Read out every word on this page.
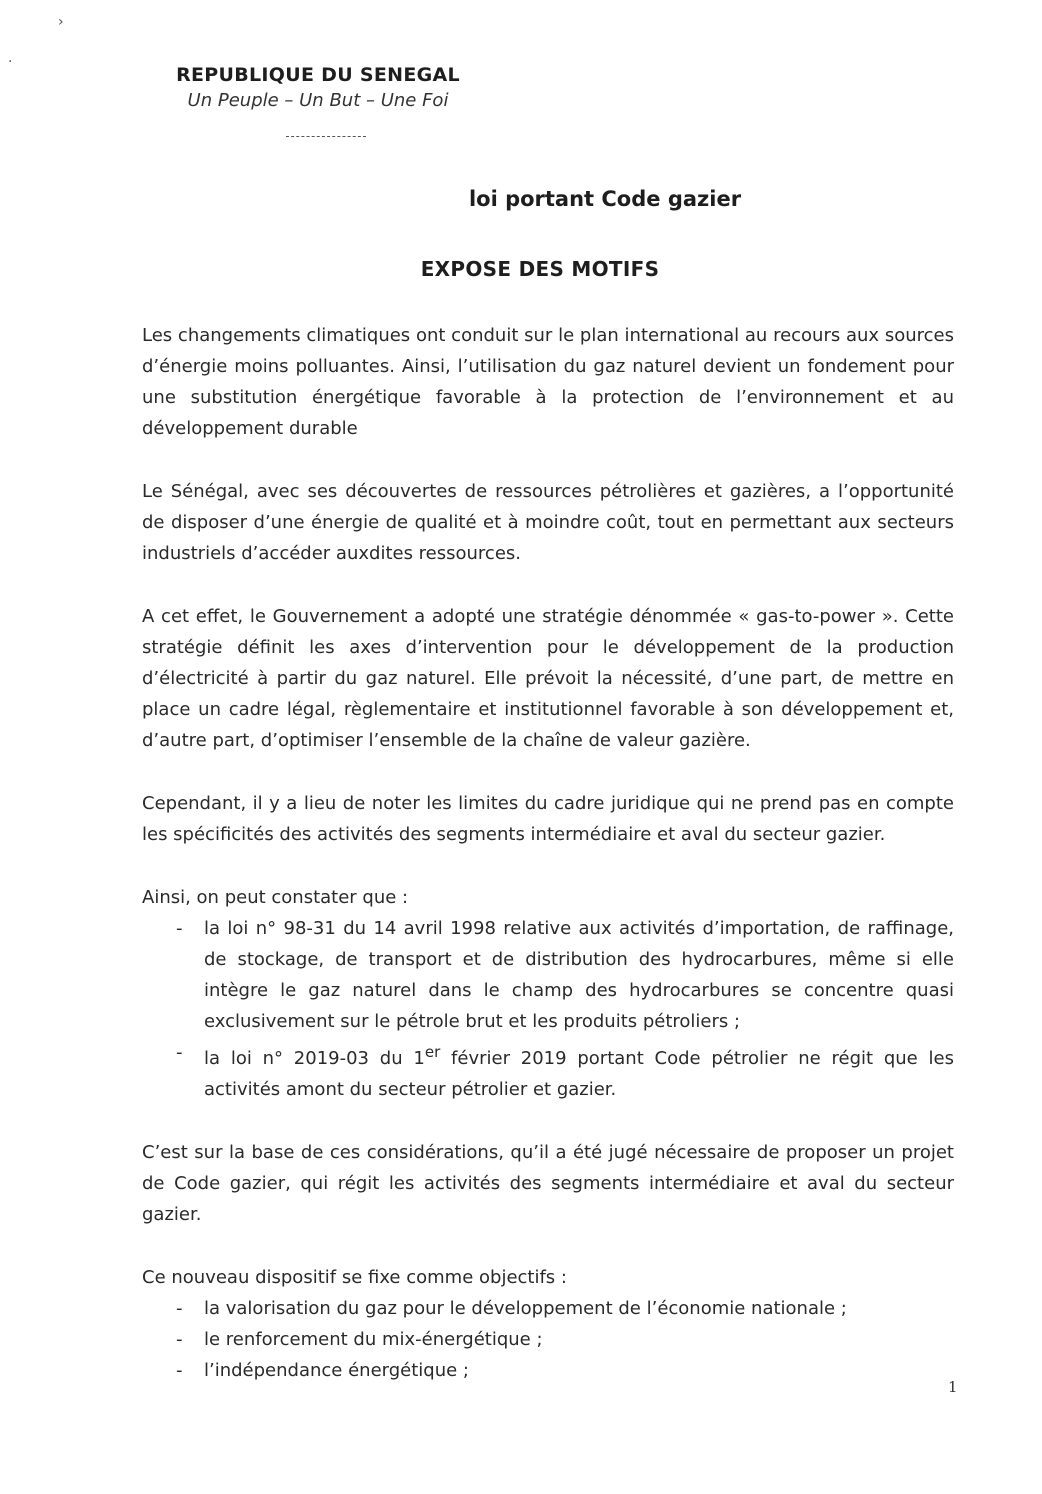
›
·
REPUBLIQUE DU SENEGAL
Un Peuple – Un But – Une Foi
loi portant Code gazier
EXPOSE DES MOTIFS

Les changements climatiques ont conduit sur le plan international au recours aux sources d’énergie moins polluantes. Ainsi, l’utilisation du gaz naturel devient un fondement pour une substitution énergétique favorable à la protection de l’environnement et au développement durable

Le Sénégal, avec ses découvertes de ressources pétrolières et gazières, a l’opportunité de disposer d’une énergie de qualité et à moindre coût, tout en permettant aux secteurs industriels d’accéder auxdites ressources.

A cet effet, le Gouvernement a adopté une stratégie dénommée « gas-to-power ». Cette stratégie définit les axes d’intervention pour le développement de la production d’électricité à partir du gaz naturel. Elle prévoit la nécessité, d’une part, de mettre en place un cadre légal, règlementaire et institutionnel favorable à son développement et, d’autre part, d’optimiser l’ensemble de la chaîne de valeur gazière.

Cependant, il y a lieu de noter les limites du cadre juridique qui ne prend pas en compte les spécificités des activités des segments intermédiaire et aval du secteur gazier.

Ainsi, on peut constater que :

- la loi n° 98-31 du 14 avril 1998 relative aux activités d’importation, de raffinage, de stockage, de transport et de distribution des hydrocarbures, même si elle intègre le gaz naturel dans le champ des hydrocarbures se concentre quasi exclusivement sur le pétrole brut et les produits pétroliers ;
- la loi n° 2019-03 du 1er février 2019 portant Code pétrolier ne régit que les activités amont du secteur pétrolier et gazier.

C’est sur la base de ces considérations, qu’il a été jugé nécessaire de proposer un projet de Code gazier, qui régit les activités des segments intermédiaire et aval du secteur gazier.

Ce nouveau dispositif se fixe comme objectifs :

- la valorisation du gaz pour le développement de l’économie nationale ;
- le renforcement du mix-énergétique ;
- l’indépendance énergétique ;
1
